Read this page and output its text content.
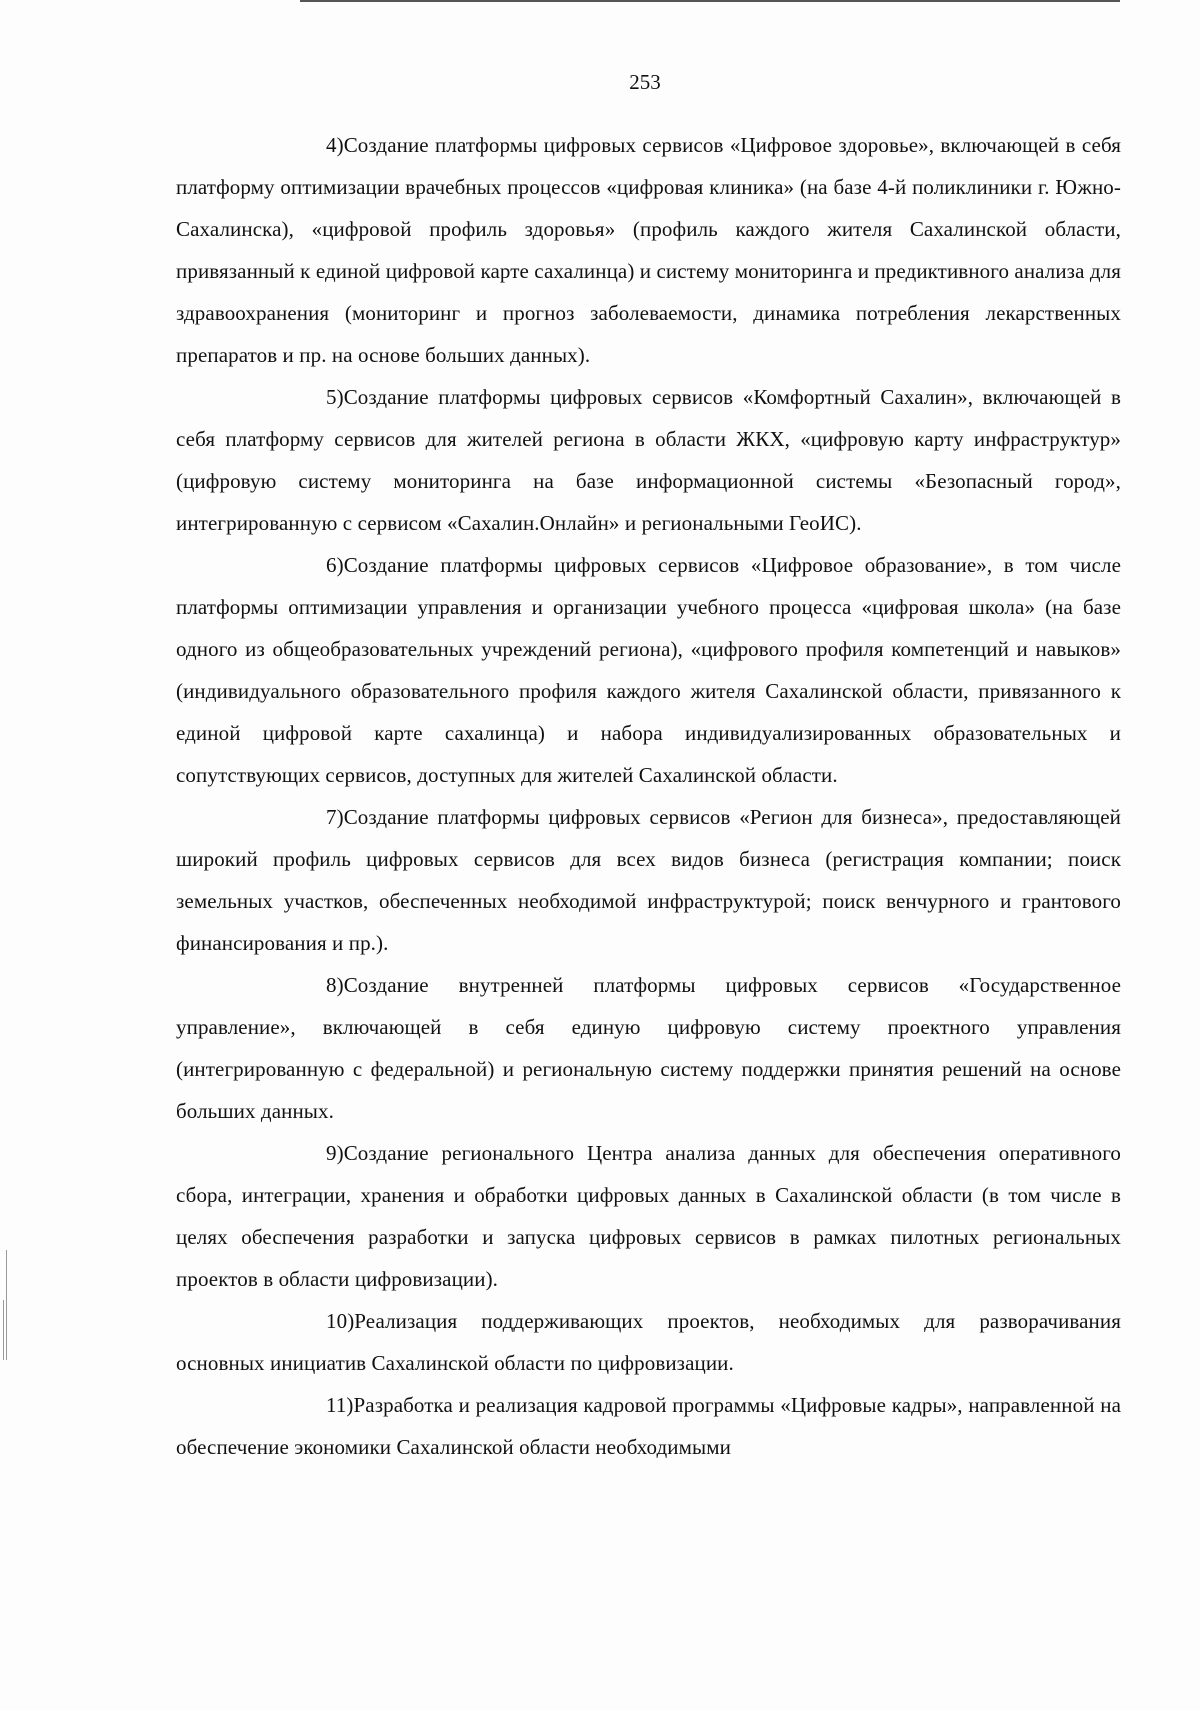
253

4)Создание платформы цифровых сервисов «Цифровое здоровье», включающей в себя платформу оптимизации врачебных процессов «цифровая клиника» (на базе 4-й поликлиники г. Южно-Сахалинска), «цифровой профиль здоровья» (профиль каждого жителя Сахалинской области, привязанный к единой цифровой карте сахалинца) и систему мониторинга и предиктивного анализа для здравоохранения (мониторинг и прогноз заболеваемости, динамика потребления лекарственных препаратов и пр. на основе больших данных).

5)Создание платформы цифровых сервисов «Комфортный Сахалин», включающей в себя платформу сервисов для жителей региона в области ЖКХ, «цифровую карту инфраструктур» (цифровую систему мониторинга на базе информационной системы «Безопасный город», интегрированную с сервисом «Сахалин.Онлайн» и региональными ГеоИС).

6)Создание платформы цифровых сервисов «Цифровое образование», в том числе платформы оптимизации управления и организации учебного процесса «цифровая школа» (на базе одного из общеобразовательных учреждений региона), «цифрового профиля компетенций и навыков» (индивидуального образовательного профиля каждого жителя Сахалинской области, привязанного к единой цифровой карте сахалинца) и набора индивидуализированных образовательных и сопутствующих сервисов, доступных для жителей Сахалинской области.

7)Создание платформы цифровых сервисов «Регион для бизнеса», предоставляющей широкий профиль цифровых сервисов для всех видов бизнеса (регистрация компании; поиск земельных участков, обеспеченных необходимой инфраструктурой; поиск венчурного и грантового финансирования и пр.).

8)Создание внутренней платформы цифровых сервисов «Государственное управление», включающей в себя единую цифровую систему проектного управления (интегрированную с федеральной) и региональную систему поддержки принятия решений на основе больших данных.

9)Создание регионального Центра анализа данных для обеспечения оперативного сбора, интеграции, хранения и обработки цифровых данных в Сахалинской области (в том числе в целях обеспечения разработки и запуска цифровых сервисов в рамках пилотных региональных проектов в области цифровизации).

10)Реализация поддерживающих проектов, необходимых для разворачивания основных инициатив Сахалинской области по цифровизации.

11)Разработка и реализация кадровой программы «Цифровые кадры», направленной на обеспечение экономики Сахалинской области необходимыми
